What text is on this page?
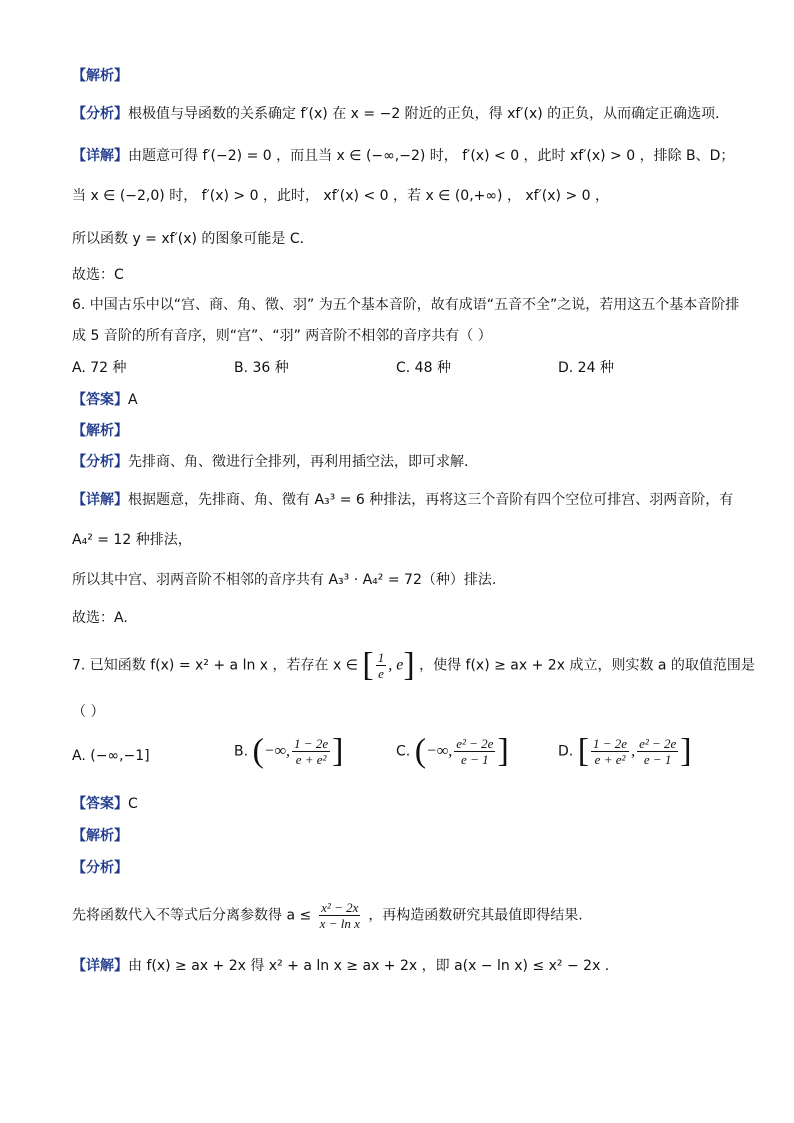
【解析】
【分析】根极值与导函数的关系确定 f′(x) 在 x = −2 附近的正负，得 xf′(x) 的正负，从而确定正确选项．
【详解】由题意可得 f′(−2) = 0 ，而且当 x ∈ (−∞,−2) 时， f′(x) < 0 ，此时 xf′(x) > 0 ，排除 B、D；
当 x ∈ (−2,0) 时， f′(x) > 0 ，此时， xf′(x) < 0 ，若 x ∈ (0,+∞) ， xf′(x) > 0 ，
所以函数 y = xf′(x) 的图象可能是 C．
故选：C
6. 中国古乐中以“宫、商、角、徵、羽” 为五个基本音阶，故有成语“五音不全”之说，若用这五个基本音阶排
成 5 音阶的所有音序，则“宫”、“羽” 两音阶不相邻的音序共有（ ）
A. 72 种	B. 36 种	C. 48 种	D. 24 种
【答案】A
【解析】
【分析】先排商、角、徵进行全排列，再利用插空法，即可求解.
【详解】根据题意，先排商、角、徵有 A₃³ = 6 种排法，再将这三个音阶有四个空位可排宫、羽两音阶，有
A₄² = 12 种排法，
所以其中宫、羽两音阶不相邻的音序共有 A₃³ · A₄² = 72（种）排法.
故选：A.
7. 已知函数 f(x) = x² + a ln x ，若存在 x ∈ [ $\frac{1}{e}$ , e] ，使得 f(x) ≥ ax + 2x 成立，则实数 a 的取值范围是
（ ）
A. (−∞,−1]	B. (−∞, $\frac{1 - 2e}{\text{e + e²}}$ ]	C. (−∞, $\frac{\text{e² − 2e}}{e - 1}$ ]	D. [ $\frac{1 - 2e}{\text{e + e²}}$ , $\frac{\text{e² − 2e}}{e - 1}$ ]
【答案】C
【解析】
【分析】
先将函数代入不等式后分离参数得 $a \le \frac{\text{x² − 2x}}{\text{x − ln x}}$ ，再构造函数研究其最值即得结果.
【详解】由 f(x) ≥ ax + 2x 得 x² + a ln x ≥ ax + 2x ，即 a(x − ln x) ≤ x² − 2x .
